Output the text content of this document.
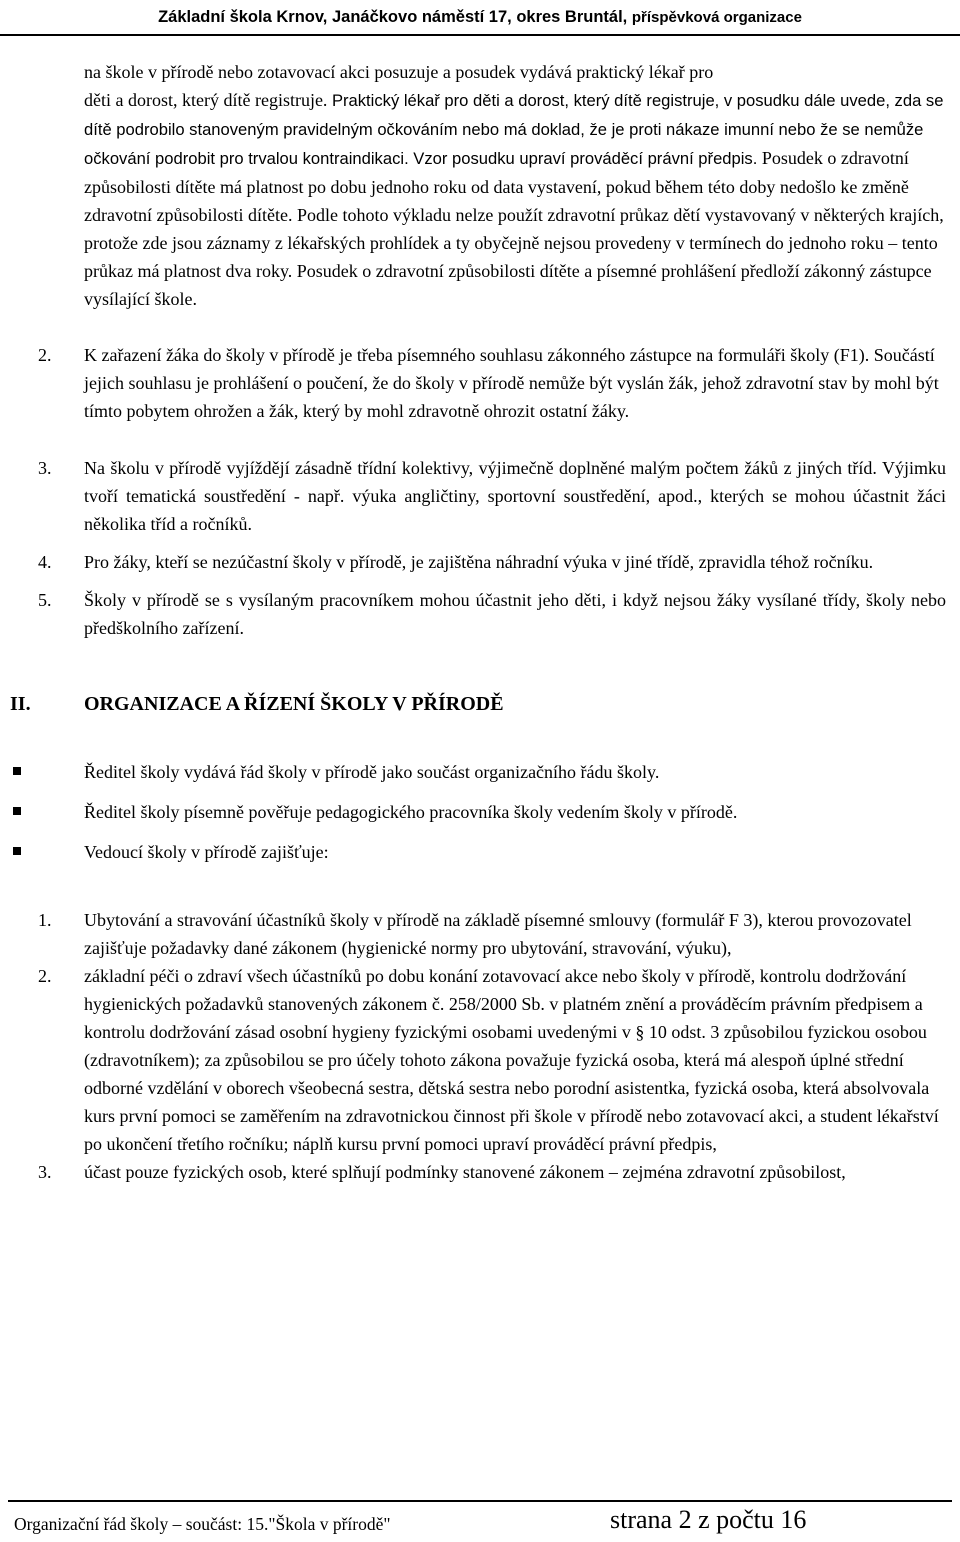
Základní škola Krnov, Janáčkovo náměstí 17, okres Bruntál, příspěvková organizace

na škole v přírodě nebo zotavovací akci posuzuje a posudek vydává praktický lékař pro
děti a dorost, který dítě registruje. Praktický lékař pro děti a dorost, který dítě registruje, v posudku dále uvede, zda se dítě podrobilo stanoveným pravidelným očkováním nebo má doklad, že je proti nákaze imunní nebo že se nemůže očkování podrobit pro trvalou kontraindikaci. Vzor posudku upraví prováděcí právní předpis. Posudek o zdravotní způsobilosti dítěte má platnost po dobu jednoho roku od data vystavení, pokud během této doby nedošlo ke změně zdravotní způsobilosti dítěte. Podle tohoto výkladu nelze použít zdravotní průkaz dětí vystavovaný v některých krajích, protože zde jsou záznamy z lékařských prohlídek a ty obyčejně nejsou provedeny v termínech do jednoho roku – tento průkaz má platnost dva roky. Posudek o zdravotní způsobilosti dítěte a písemné prohlášení předloží zákonný zástupce vysílající škole.

2. K zařazení žáka do školy v přírodě je třeba písemného souhlasu zákonného zástupce na formuláři školy (F1). Součástí jejich souhlasu je prohlášení o poučení, že do školy v přírodě nemůže být vyslán žák, jehož zdravotní stav by mohl být tímto pobytem ohrožen a žák, který by mohl zdravotně ohrozit ostatní žáky.

3. Na školu v přírodě vyjíždějí zásadně třídní kolektivy, výjimečně doplněné malým počtem žáků z jiných tříd. Výjimku tvoří tematická soustředění - např. výuka angličtiny, sportovní soustředění, apod., kterých se mohou účastnit žáci několika tříd a ročníků.

4. Pro žáky, kteří se nezúčastní školy v přírodě, je zajištěna náhradní výuka v jiné třídě, zpravidla téhož ročníku.

5. Školy v přírodě se s vysílaným pracovníkem mohou účastnit jeho děti, i když nejsou žáky vysílané třídy, školy nebo předškolního zařízení.

II.	ORGANIZACE A ŘÍZENÍ ŠKOLY V PŘÍRODĚ

Ředitel školy vydává řád školy v přírodě jako součást organizačního řádu školy.

Ředitel školy písemně pověřuje pedagogického pracovníka školy vedením školy v přírodě.

Vedoucí školy v přírodě zajišťuje:

1. Ubytování a stravování účastníků školy v přírodě na základě písemné smlouvy (formulář F 3), kterou provozovatel zajišťuje požadavky dané zákonem (hygienické normy pro ubytování, stravování, výuku),

2. základní péči o zdraví všech účastníků po dobu konání zotavovací akce nebo školy v přírodě, kontrolu dodržování hygienických požadavků stanovených zákonem č. 258/2000 Sb. v platném znění a prováděcím právním předpisem a kontrolu dodržování zásad osobní hygieny fyzickými osobami uvedenými v § 10 odst. 3 způsobilou fyzickou osobou (zdravotníkem); za způsobilou se pro účely tohoto zákona považuje fyzická osoba, která má alespoň úplné střední odborné vzdělání v oborech všeobecná sestra, dětská sestra nebo porodní asistentka, fyzická osoba, která absolvovala kurs první pomoci se zaměřením na zdravotnickou činnost při škole v přírodě nebo zotavovací akci, a student lékařství po ukončení třetího ročníku; náplň kursu první pomoci upraví prováděcí právní předpis,

3. účast pouze fyzických osob, které splňují podmínky stanovené zákonem – zejména zdravotní způsobilost,

Organizační řád školy – součást: 15."Škola v přírodě"	strana 2 z počtu 16
